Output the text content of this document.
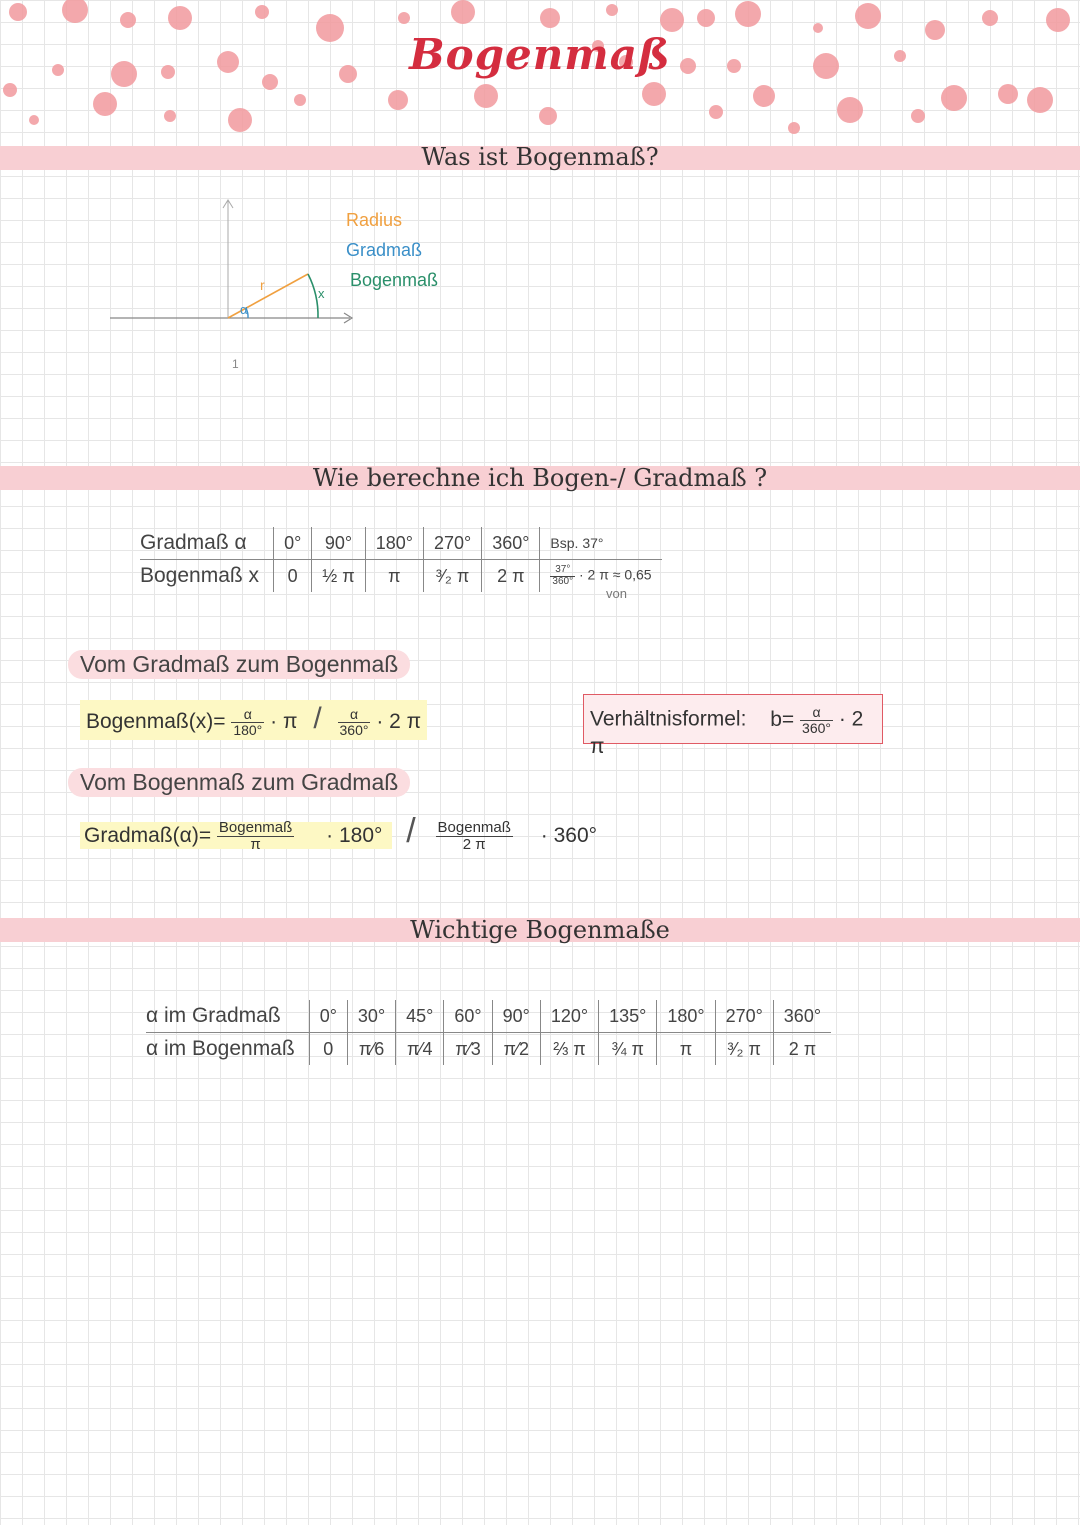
Bogenmaß
Was ist Bogenmaß?
r
α
x
1
Radius
Gradmaß
Bogenmaß
Wie berechne ich Bogen-/ Gradmaß ?
Gradmaß α	0°	90°	180°	270°	360°	Bsp. 37°
Bogenmaß x	0	½ π	π	³⁄₂ π	2 π	$\frac{37^\circ}{360^\circ} \cdot 2$ π ≈ 0,65
von
Vom Gradmaß zum Bogenmaß
Bogenmaß(x)= $\frac{\alpha}{180^\circ} \cdot \pi / \frac{\alpha}{360^\circ} \cdot 2$ π	Verhältnisformel: $b= \frac{\alpha}{360^\circ} \cdot 2$ π
Vom Bogenmaß zum Gradmaß
Gradmaß(α)= $\frac{\text{Bogenmaß}}{\pi} \cdot 180^\circ / \frac{\text{Bogenmaß}}{2 \pi} \cdot 360^\circ$
Wichtige Bogenmaße
α im Gradmaß	0°	30°	45°	60°	90°	120°	135°	180°	270°	360°
α im Bogenmaß	0	π⁄6	π⁄4	π⁄3	π⁄2	⅔ π	¾ π	π	³⁄₂ π	2 π
